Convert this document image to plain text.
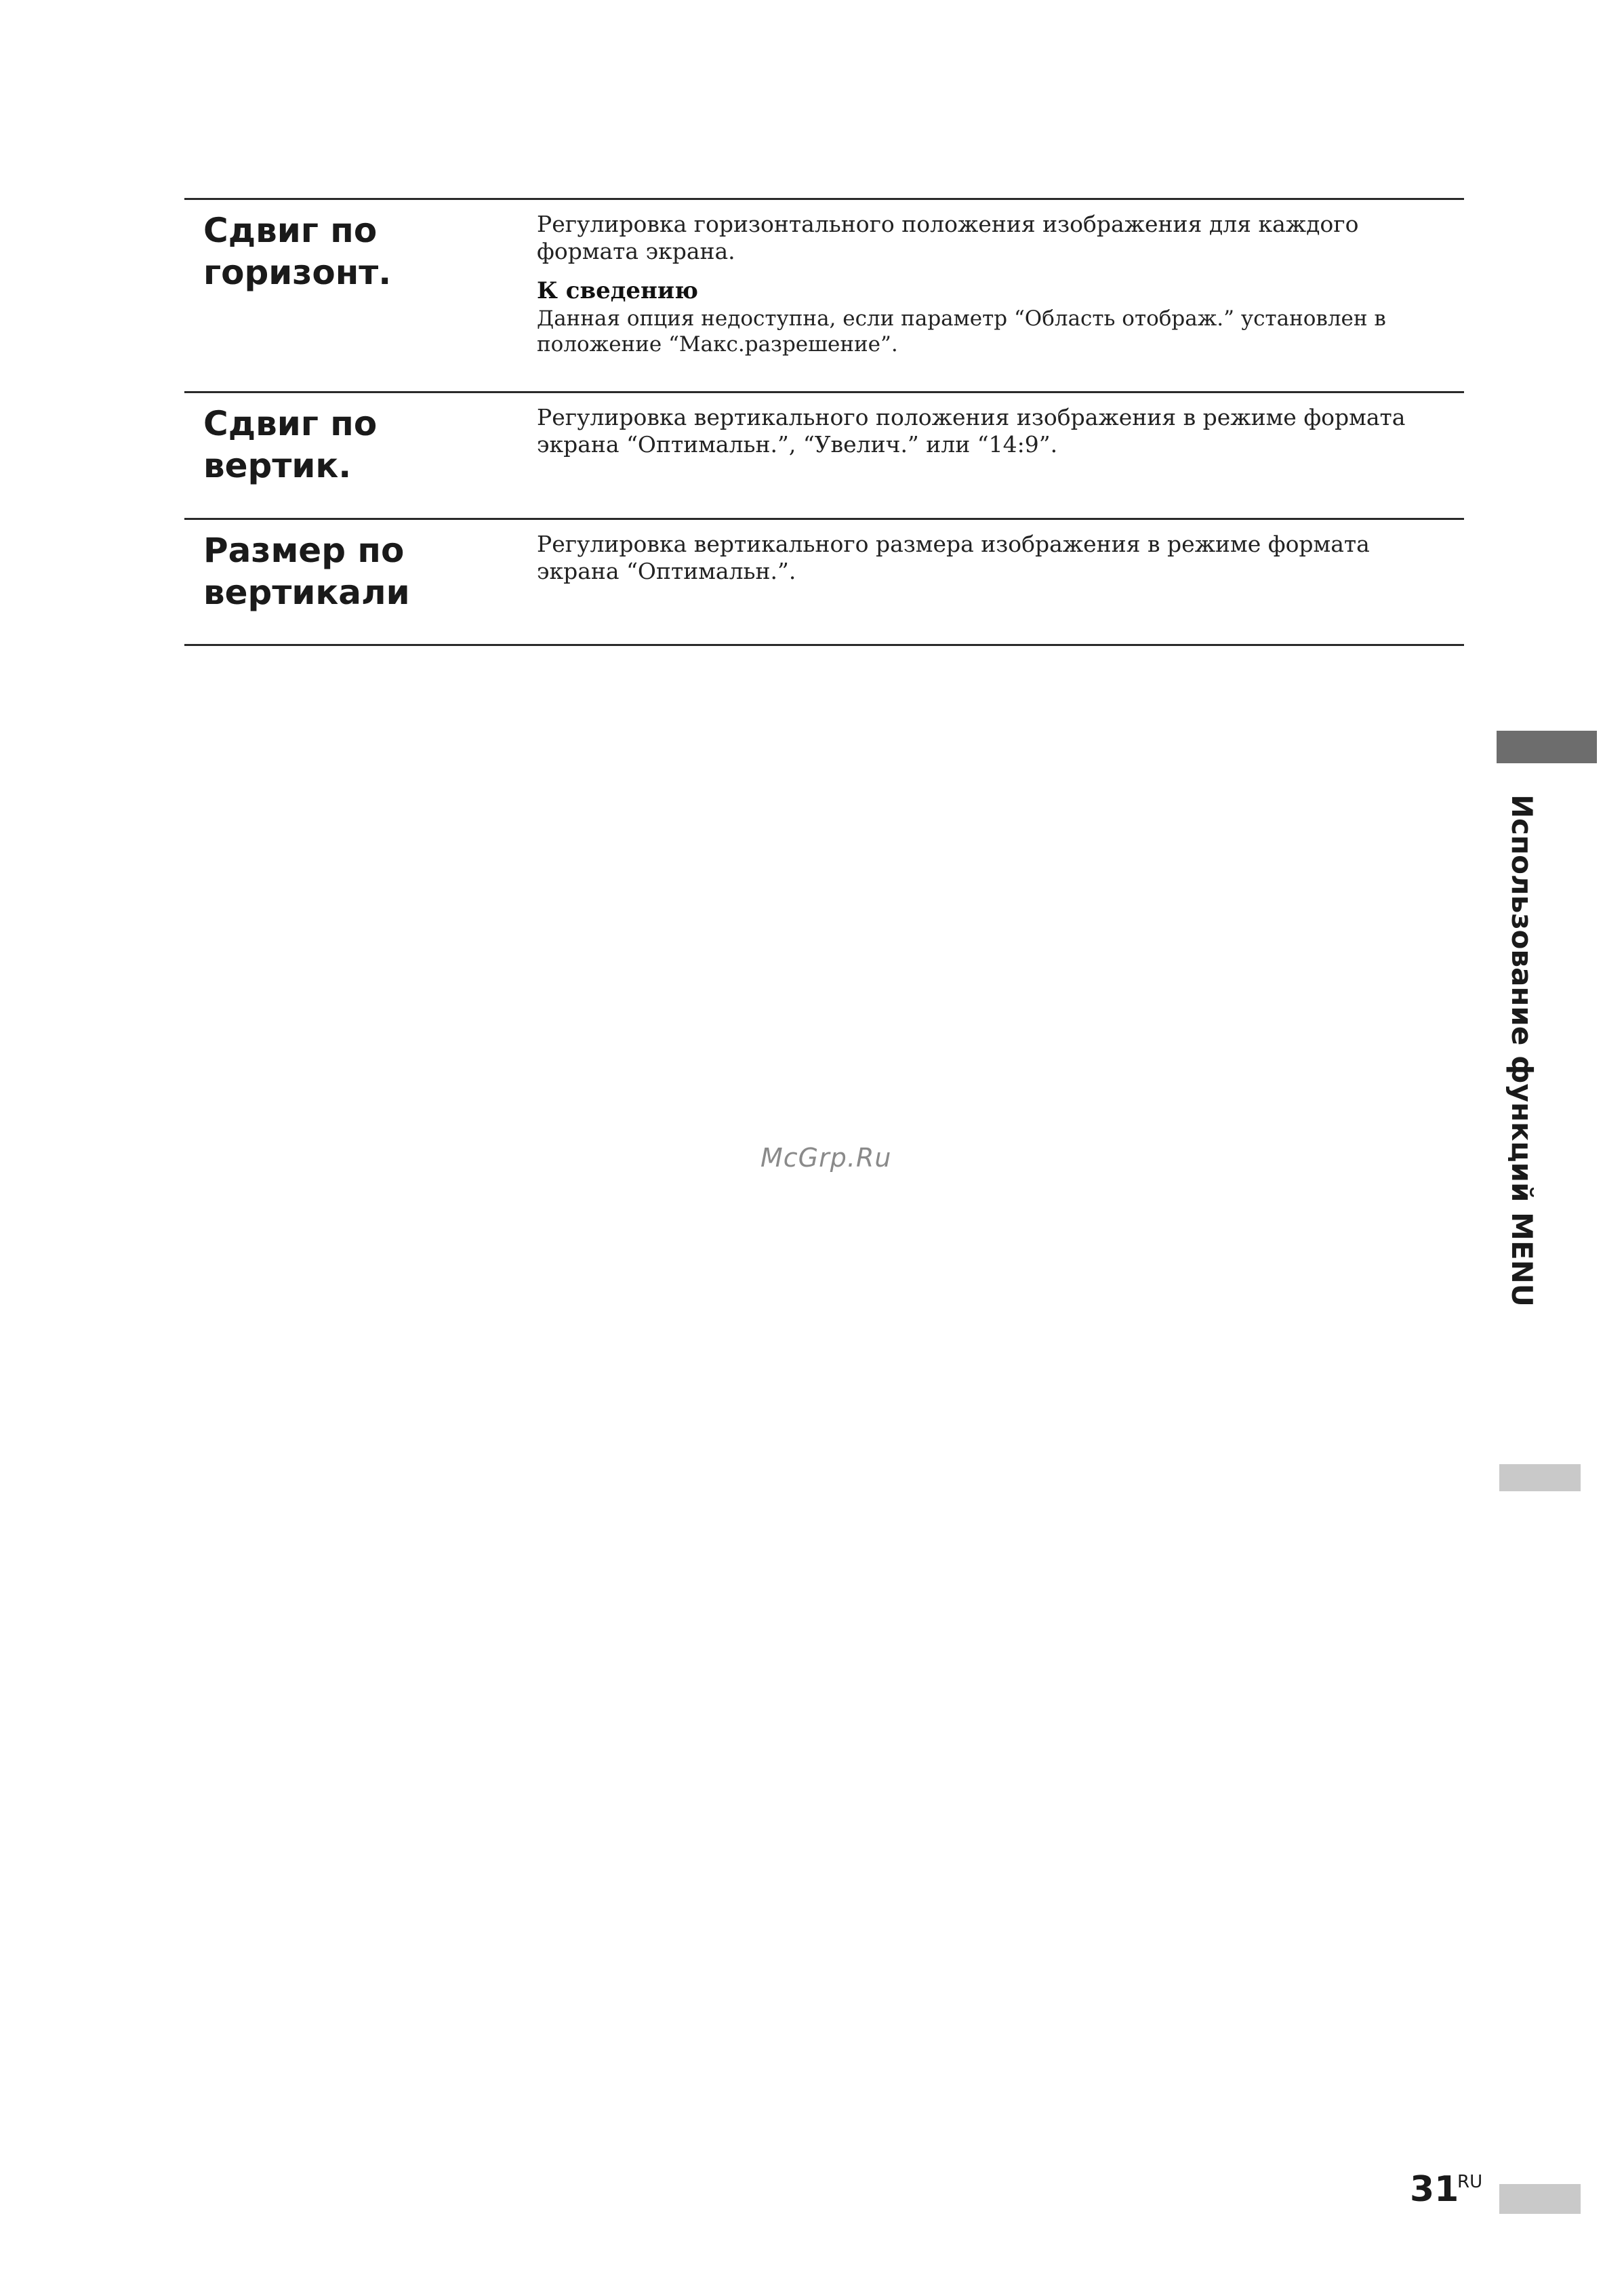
Сдвиг по
горизонт.

Регулировка горизонтального положения изображения для каждого формата экрана.

К сведению

Данная опция недоступна, если параметр “Область отображ.” установлен в положение “Макс.разрешение”.

Сдвиг по
вертик.

Регулировка вертикального положения изображения в режиме формата экрана “Оптимальн.”, “Увелич.” или “14:9”.

Размер по
вертикали

Регулировка вертикального размера изображения в режиме формата экрана “Оптимальн.”.

McGrp.Ru	Использование функций MENU
31
RU
